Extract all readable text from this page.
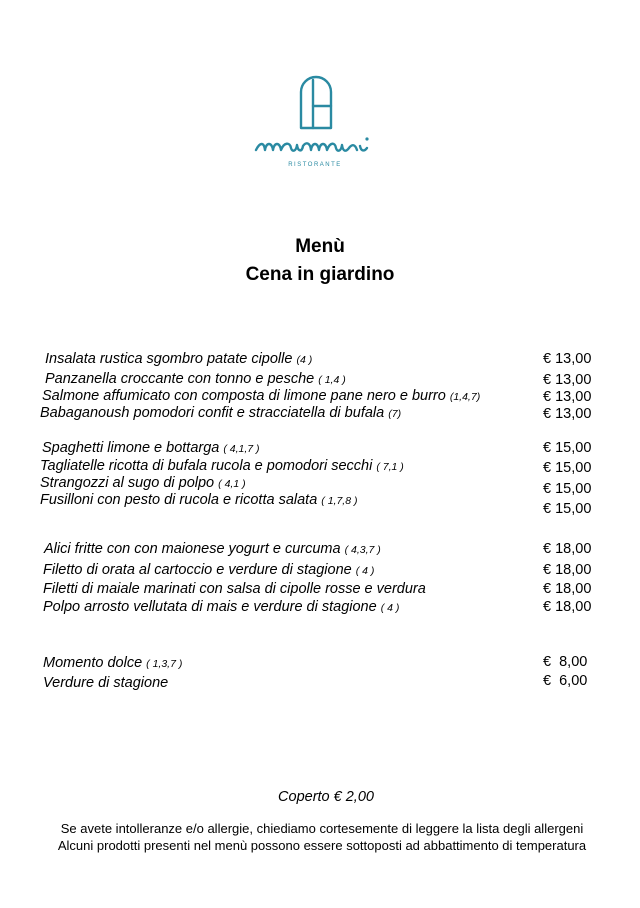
RISTORANTE
Menù
Cena in giardino
Insalata rustica sgombro patate cipolle (4 )
Panzanella croccante con tonno e pesche ( 1,4 )
Salmone affumicato con composta di limone pane nero e burro (1,4,7)
Babaganoush pomodori confit e stracciatella di bufala (7)
Spaghetti limone e bottarga ( 4,1,7 )
Tagliatelle ricotta di bufala rucola e pomodori secchi ( 7,1 )
Strangozzi al sugo di polpo ( 4,1 )
Fusilloni con pesto di rucola e ricotta salata ( 1,7,8 )
Alici fritte con con maionese yogurt e curcuma ( 4,3,7 )
Filetto di orata al cartoccio e verdure di stagione ( 4 )
Filetti di maiale marinati con salsa di cipolle rosse e verdura
Polpo arrosto vellutata di mais e verdure di stagione ( 4 )
Momento dolce ( 1,3,7 )
Verdure di stagione
€ 13,00
€ 13,00
€ 13,00
€ 13,00
€ 15,00
€ 15,00
€ 15,00
€ 15,00
€ 18,00
€ 18,00
€ 18,00
€ 18,00
€  8,00
€  6,00
Coperto € 2,00
Se avete intolleranze e/o allergie, chiediamo cortesemente di leggere la lista degli allergeni
Alcuni prodotti presenti nel menù possono essere sottoposti ad abbattimento di temperatura
